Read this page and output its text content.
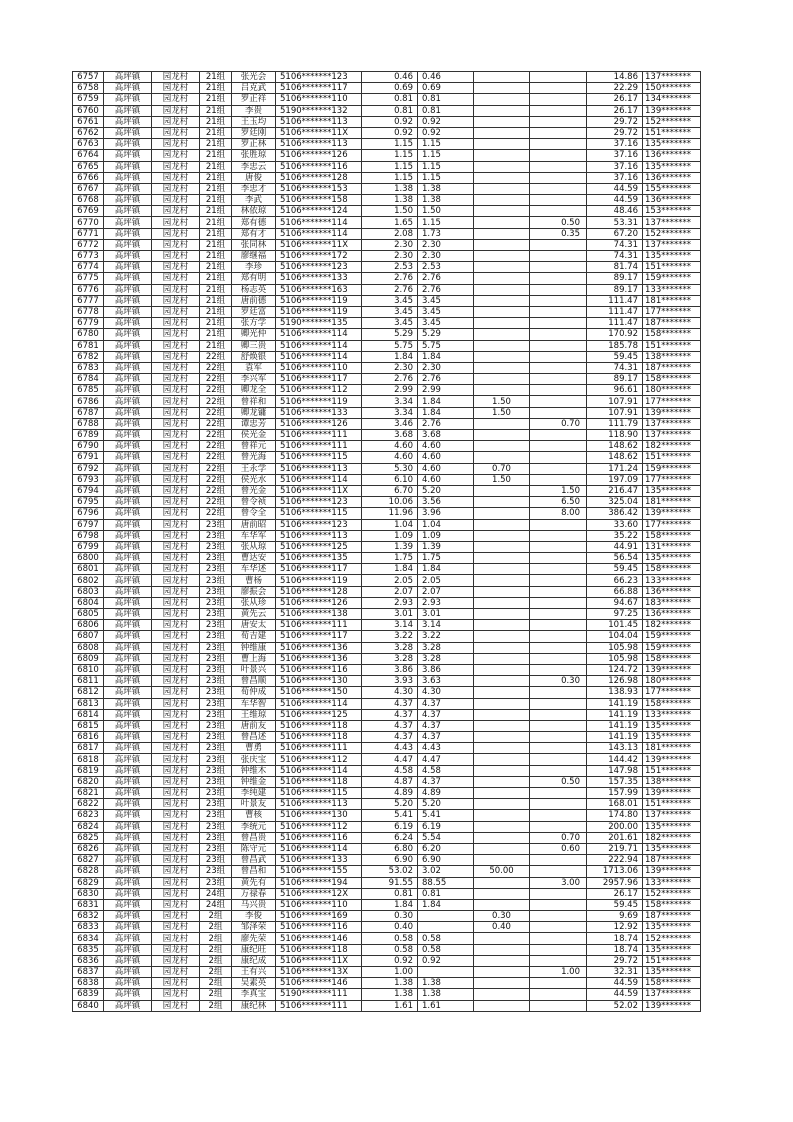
6757	高坪镇	园龙村	21组	张光会	5106*******123	0.46	0.46			14.86	137*******
6758	高坪镇	园龙村	21组	吕克武	5106*******117	0.69	0.69			22.29	150*******
6759	高坪镇	园龙村	21组	罗正祥	5106*******110	0.81	0.81			26.17	134*******
6760	高坪镇	园龙村	21组	李贵	5190*******132	0.81	0.81			26.17	139*******
6761	高坪镇	园龙村	21组	王玉均	5106*******113	0.92	0.92			29.72	152*******
6762	高坪镇	园龙村	21组	罗廷刚	5106*******11X	0.92	0.92			29.72	151*******
6763	高坪镇	园龙村	21组	罗正林	5106*******113	1.15	1.15			37.16	135*******
6764	高坪镇	园龙村	21组	张胜琼	5106*******126	1.15	1.15			37.16	136*******
6765	高坪镇	园龙村	21组	李忠云	5106*******116	1.15	1.15			37.16	135*******
6766	高坪镇	园龙村	21组	唐俊	5106*******128	1.15	1.15			37.16	136*******
6767	高坪镇	园龙村	21组	李忠才	5106*******153	1.38	1.38			44.59	155*******
6768	高坪镇	园龙村	21组	李武	5106*******158	1.38	1.38			44.59	136*******
6769	高坪镇	园龙村	21组	林依琼	5106*******124	1.50	1.50			48.46	153*******
6770	高坪镇	园龙村	21组	郑有德	5106*******114	1.65	1.15		0.50	53.31	137*******
6771	高坪镇	园龙村	21组	郑有才	5106*******114	2.08	1.73		0.35	67.20	152*******
6772	高坪镇	园龙村	21组	张同林	5106*******11X	2.30	2.30			74.31	137*******
6773	高坪镇	园龙村	21组	廖继福	5106*******172	2.30	2.30			74.31	135*******
6774	高坪镇	园龙村	21组	李珍	5106*******123	2.53	2.53			81.74	151*******
6775	高坪镇	园龙村	21组	郑有明	5106*******133	2.76	2.76			89.17	159*******
6776	高坪镇	园龙村	21组	杨志英	5106*******163	2.76	2.76			89.17	133*******
6777	高坪镇	园龙村	21组	唐前德	5106*******119	3.45	3.45			111.47	181*******
6778	高坪镇	园龙村	21组	罗廷富	5106*******119	3.45	3.45			111.47	177*******
6779	高坪镇	园龙村	21组	张方学	5190*******135	3.45	3.45			111.47	187*******
6780	高坪镇	园龙村	21组	卿光仲	5106*******114	5.29	5.29			170.92	158*******
6781	高坪镇	园龙村	21组	卿三贵	5106*******114	5.75	5.75			185.78	151*******
6782	高坪镇	园龙村	22组	舒焕银	5106*******114	1.84	1.84			59.45	138*******
6783	高坪镇	园龙村	22组	袁军	5106*******110	2.30	2.30			74.31	187*******
6784	高坪镇	园龙村	22组	李兴军	5106*******117	2.76	2.76			89.17	158*******
6785	高坪镇	园龙村	22组	卿龙全	5106*******112	2.99	2.99			96.61	180*******
6786	高坪镇	园龙村	22组	曾祥和	5106*******119	3.34	1.84	1.50		107.91	177*******
6787	高坪镇	园龙村	22组	卿龙镛	5106*******133	3.34	1.84	1.50		107.91	139*******
6788	高坪镇	园龙村	22组	谭忠芳	5106*******126	3.46	2.76		0.70	111.79	137*******
6789	高坪镇	园龙村	22组	侯光金	5106*******111	3.68	3.68			118.90	137*******
6790	高坪镇	园龙村	22组	曾祥元	5106*******111	4.60	4.60			148.62	182*******
6791	高坪镇	园龙村	22组	曾光海	5106*******115	4.60	4.60			148.62	151*******
6792	高坪镇	园龙村	22组	王永学	5106*******113	5.30	4.60	0.70		171.24	159*******
6793	高坪镇	园龙村	22组	侯光水	5106*******114	6.10	4.60	1.50		197.09	177*******
6794	高坪镇	园龙村	22组	曾光金	5106*******11X	6.70	5.20		1.50	216.47	135*******
6795	高坪镇	园龙村	22组	曾令祯	5106*******123	10.06	3.56		6.50	325.04	181*******
6796	高坪镇	园龙村	22组	曾令全	5106*******115	11.96	3.96		8.00	386.42	139*******
6797	高坪镇	园龙村	23组	唐前昭	5106*******123	1.04	1.04			33.60	177*******
6798	高坪镇	园龙村	23组	车华军	5106*******113	1.09	1.09			35.22	158*******
6799	高坪镇	园龙村	23组	张从琼	5106*******125	1.39	1.39			44.91	131*******
6800	高坪镇	园龙村	23组	曹达安	5106*******135	1.75	1.75			56.54	135*******
6801	高坪镇	园龙村	23组	车华述	5106*******117	1.84	1.84			59.45	158*******
6802	高坪镇	园龙村	23组	曹杨	5106*******119	2.05	2.05			66.23	133*******
6803	高坪镇	园龙村	23组	廖振会	5106*******128	2.07	2.07			66.88	136*******
6804	高坪镇	园龙村	23组	张从珍	5106*******126	2.93	2.93			94.67	183*******
6805	高坪镇	园龙村	23组	黄先云	5106*******138	3.01	3.01			97.25	136*******
6806	高坪镇	园龙村	23组	唐安太	5106*******111	3.14	3.14			101.45	182*******
6807	高坪镇	园龙村	23组	荀吉建	5106*******117	3.22	3.22			104.04	159*******
6808	高坪镇	园龙村	23组	钟维康	5106*******136	3.28	3.28			105.98	159*******
6809	高坪镇	园龙村	23组	曹上海	5106*******136	3.28	3.28			105.98	158*******
6810	高坪镇	园龙村	23组	叶景兴	5106*******116	3.86	3.86			124.72	139*******
6811	高坪镇	园龙村	23组	曾昌顺	5106*******130	3.93	3.63		0.30	126.98	180*******
6812	高坪镇	园龙村	23组	荀仲成	5106*******150	4.30	4.30			138.93	177*******
6813	高坪镇	园龙村	23组	车华智	5106*******114	4.37	4.37			141.19	158*******
6814	高坪镇	园龙村	23组	王维琼	5106*******125	4.37	4.37			141.19	133*******
6815	高坪镇	园龙村	23组	唐前友	5106*******118	4.37	4.37			141.19	135*******
6816	高坪镇	园龙村	23组	曾昌述	5106*******118	4.37	4.37			141.19	135*******
6817	高坪镇	园龙村	23组	曹勇	5106*******111	4.43	4.43			143.13	181*******
6818	高坪镇	园龙村	23组	张庆宝	5106*******112	4.47	4.47			144.42	139*******
6819	高坪镇	园龙村	23组	钟维木	5106*******114	4.58	4.58			147.98	151*******
6820	高坪镇	园龙村	23组	钟维金	5106*******118	4.87	4.37		0.50	157.35	138*******
6821	高坪镇	园龙村	23组	李纯建	5106*******115	4.89	4.89			157.99	139*******
6822	高坪镇	园龙村	23组	叶景友	5106*******113	5.20	5.20			168.01	151*******
6823	高坪镇	园龙村	23组	曹核	5106*******130	5.41	5.41			174.80	137*******
6824	高坪镇	园龙村	23组	李统元	5106*******112	6.19	6.19			200.00	135*******
6825	高坪镇	园龙村	23组	曾昌贵	5106*******116	6.24	5.54		0.70	201.61	182*******
6826	高坪镇	园龙村	23组	陈守元	5106*******114	6.80	6.20		0.60	219.71	135*******
6827	高坪镇	园龙村	23组	曾昌武	5106*******133	6.90	6.90			222.94	187*******
6828	高坪镇	园龙村	23组	曾昌和	5106*******155	53.02	3.02	50.00		1713.06	139*******
6829	高坪镇	园龙村	23组	黄先有	5106*******194	91.55	88.55		3.00	2957.96	133*******
6830	高坪镇	园龙村	24组	万禄春	5106*******12X	0.81	0.81			26.17	152*******
6831	高坪镇	园龙村	24组	马兴贵	5106*******110	1.84	1.84			59.45	158*******
6832	高坪镇	园龙村	2组	李俊	5106*******169	0.30		0.30		9.69	187*******
6833	高坪镇	园龙村	2组	邹泽荣	5106*******116	0.40		0.40		12.92	135*******
6834	高坪镇	园龙村	2组	廖先荣	5106*******146	0.58	0.58			18.74	152*******
6835	高坪镇	园龙村	2组	康纪旺	5106*******118	0.58	0.58			18.74	135*******
6836	高坪镇	园龙村	2组	康纪成	5106*******11X	0.92	0.92			29.72	151*******
6837	高坪镇	园龙村	2组	王有兴	5106*******13X	1.00			1.00	32.31	135*******
6838	高坪镇	园龙村	2组	吴素英	5106*******146	1.38	1.38			44.59	158*******
6839	高坪镇	园龙村	2组	李真宝	5190*******111	1.38	1.38			44.59	137*******
6840	高坪镇	园龙村	2组	康纪林	5106*******111	1.61	1.61			52.02	139*******
